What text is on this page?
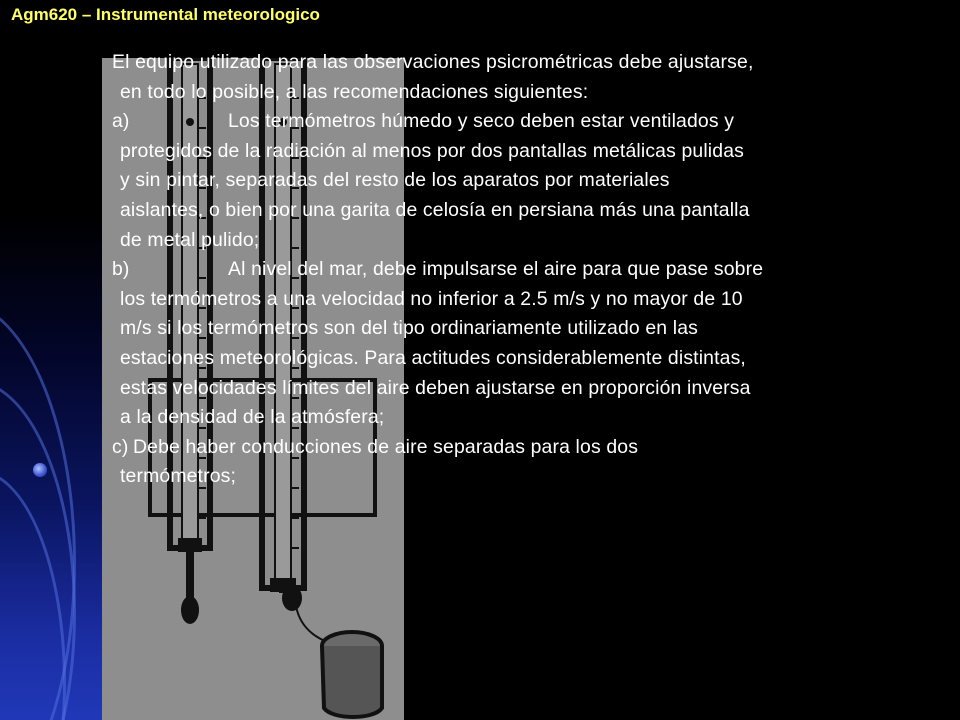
Agm620 – Instrumental meteorologico

El equipo utilizado para las observaciones psicrométricas debe ajustarse,

en todo lo posible, a las recomendaciones siguientes:

a)	Los termómetros húmedo y seco deben estar ventilados y

protegidos de la radiación al menos por dos pantallas metálicas pulidas

y sin pintar, separadas del resto de los aparatos por materiales

aislantes, o bien por una garita de celosía en persiana más una pantalla

de metal pulido;

b)	Al nivel del mar, debe impulsarse el aire para que pase sobre

los termómetros a una velocidad no inferior a 2.5 m/s y no mayor de 10

m/s si los termómetros son del tipo ordinariamente utilizado en las

estaciones meteorológicas. Para actitudes considerablemente distintas,

estas velocidades límites del aire deben ajustarse en proporción inversa

a la densidad de la atmósfera;

c) Debe haber conducciones de aire separadas para los dos

termómetros;
